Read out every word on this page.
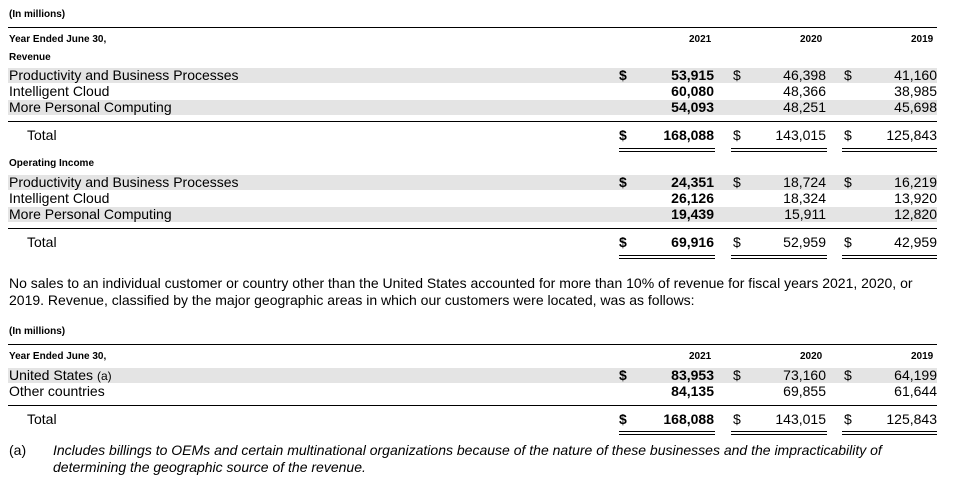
(In millions)
Year Ended June 30,	2021	2020	2019
Revenue
Productivity and Business Processes	$	53,915 $	46,398 $	41,160
Intelligent Cloud	60,080	48,366	38,985
More Personal Computing	54,093	48,251	45,698
Total	$	168,088 $	143,015 $	125,843
Operating Income
Productivity and Business Processes	$	24,351 $	18,724 $	16,219
Intelligent Cloud	26,126	18,324	13,920
More Personal Computing	19,439	15,911	12,820
Total	$	69,916 $	52,959 $	42,959
No sales to an individual customer or country other than the United States accounted for more than 10% of revenue for fiscal years 2021, 2020, or 2019. Revenue, classified by the major geographic areas in which our customers were located, was as follows:
(In millions)
Year Ended June 30,	2021	2020	2019
United States (a)	$	83,953 $	73,160 $	64,199
Other countries	84,135	69,855	61,644
Total	$	168,088 $	143,015 $	125,843
(a) Includes billings to OEMs and certain multinational organizations because of the nature of these businesses and the impracticability of determining the geographic source of the revenue.
